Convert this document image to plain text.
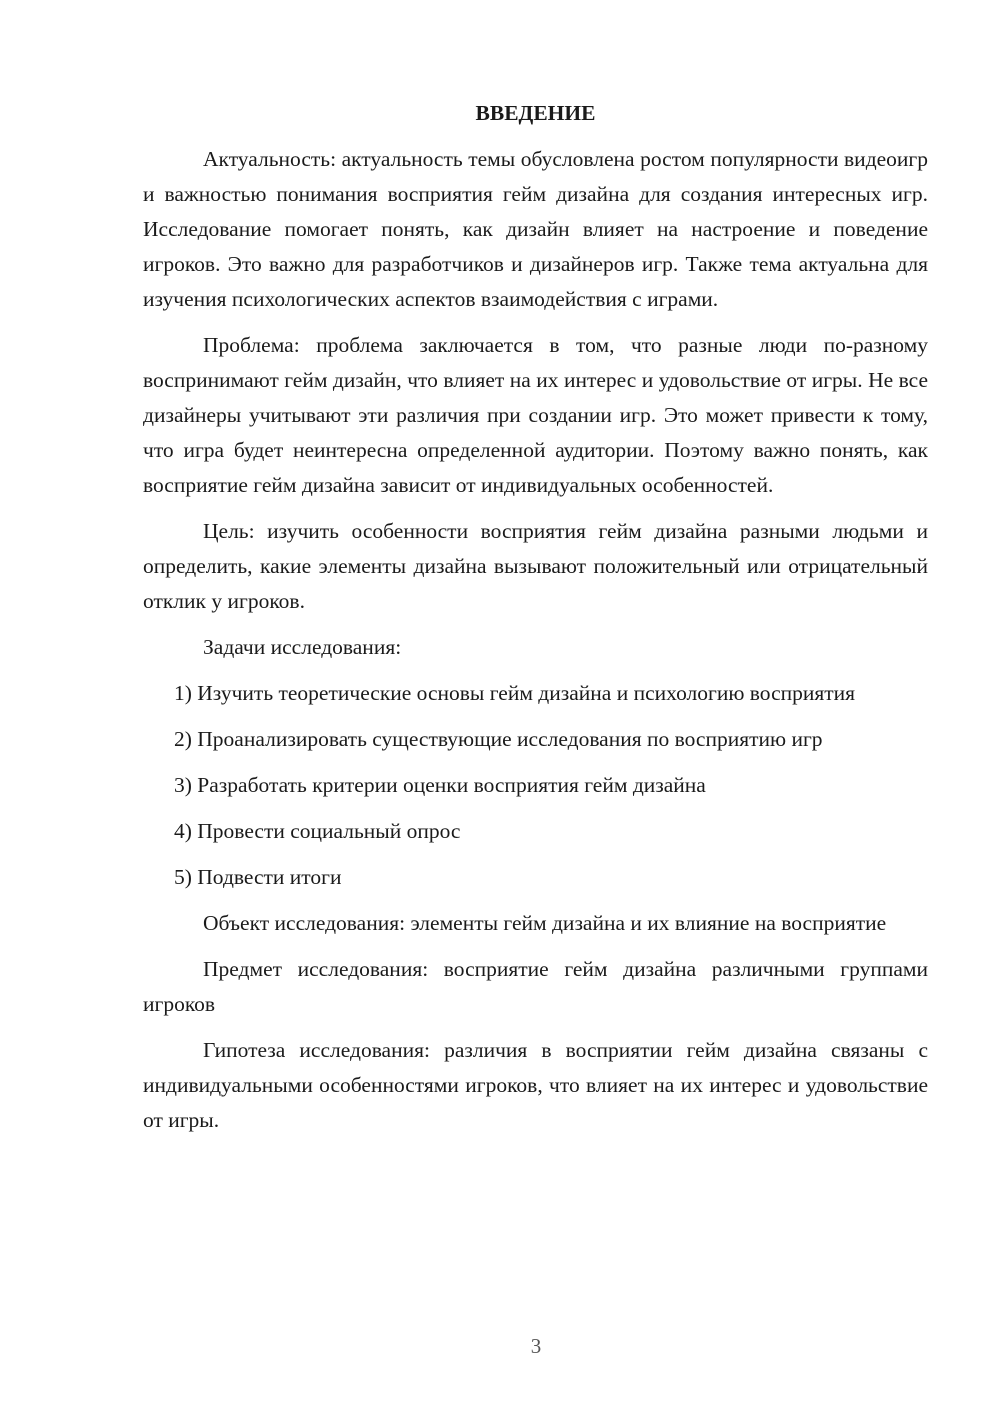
ВВЕДЕНИЕ
Актуальность: актуальность темы обусловлена ростом популярности видеоигр и важностью понимания восприятия гейм дизайна для создания интересных игр. Исследование помогает понять, как дизайн влияет на настроение и поведение игроков. Это важно для разработчиков и дизайнеров игр. Также тема актуальна для изучения психологических аспектов взаимодействия с играми.
Проблема: проблема заключается в том, что разные люди по-разному воспринимают гейм дизайн, что влияет на их интерес и удовольствие от игры. Не все дизайнеры учитывают эти различия при создании игр. Это может привести к тому, что игра будет неинтересна определенной аудитории. Поэтому важно понять, как восприятие гейм дизайна зависит от индивидуальных особенностей.
Цель: изучить особенности восприятия гейм дизайна разными людьми и определить, какие элементы дизайна вызывают положительный или отрицательный отклик у игроков.
Задачи исследования:
1) Изучить теоретические основы гейм дизайна и психологию восприятия
2) Проанализировать существующие исследования по восприятию игр
3) Разработать критерии оценки восприятия гейм дизайна
4) Провести социальный опрос
5) Подвести итоги
Объект исследования: элементы гейм дизайна и их влияние на восприятие
Предмет исследования: восприятие гейм дизайна различными группами игроков
Гипотеза исследования: различия в восприятии гейм дизайна связаны с индивидуальными особенностями игроков, что влияет на их интерес и удовольствие от игры.
3
